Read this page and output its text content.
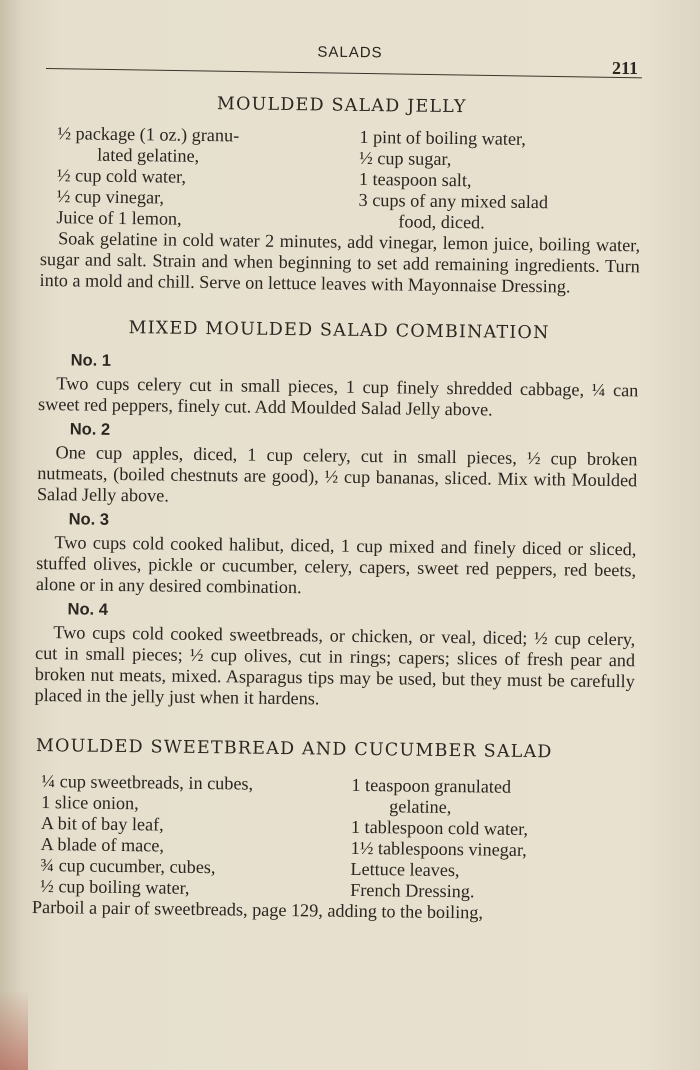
SALADS
211
MOULDED SALAD JELLY
½ package (1 oz.) granu-
lated gelatine,
½ cup cold water,
½ cup vinegar,
Juice of 1 lemon,
1 pint of boiling water,
½ cup sugar,
1 teaspoon salt,
3 cups of any mixed salad
food, diced.

Soak gelatine in cold water 2 minutes, add vinegar, lemon juice, boiling water, sugar and salt. Strain and when beginning to set add remaining ingredients. Turn into a mold and chill. Serve on lettuce leaves with Mayonnaise Dressing.

MIXED MOULDED SALAD COMBINATION
No. 1

Two cups celery cut in small pieces, 1 cup finely shredded cabbage, ¼ can sweet red peppers, finely cut. Add Moulded Salad Jelly above.

No. 2

One cup apples, diced, 1 cup celery, cut in small pieces, ½ cup broken nutmeats, (boiled chestnuts are good), ½ cup bananas, sliced. Mix with Moulded Salad Jelly above.

No. 3

Two cups cold cooked halibut, diced, 1 cup mixed and finely diced or sliced, stuffed olives, pickle or cucumber, celery, capers, sweet red peppers, red beets, alone or in any desired combination.

No. 4

Two cups cold cooked sweetbreads, or chicken, or veal, diced; ½ cup celery, cut in small pieces; ½ cup olives, cut in rings; capers; slices of fresh pear and broken nut meats, mixed. Asparagus tips may be used, but they must be carefully placed in the jelly just when it hardens.

MOULDED SWEETBREAD AND CUCUMBER SALAD
¼ cup sweetbreads, in cubes,
1 slice onion,
A bit of bay leaf,
A blade of mace,
¾ cup cucumber, cubes,
½ cup boiling water,
1 teaspoon granulated
gelatine,
1 tablespoon cold water,
1½ tablespoons vinegar,
Lettuce leaves,
French Dressing.

Parboil a pair of sweetbreads, page 129, adding to the boiling,
